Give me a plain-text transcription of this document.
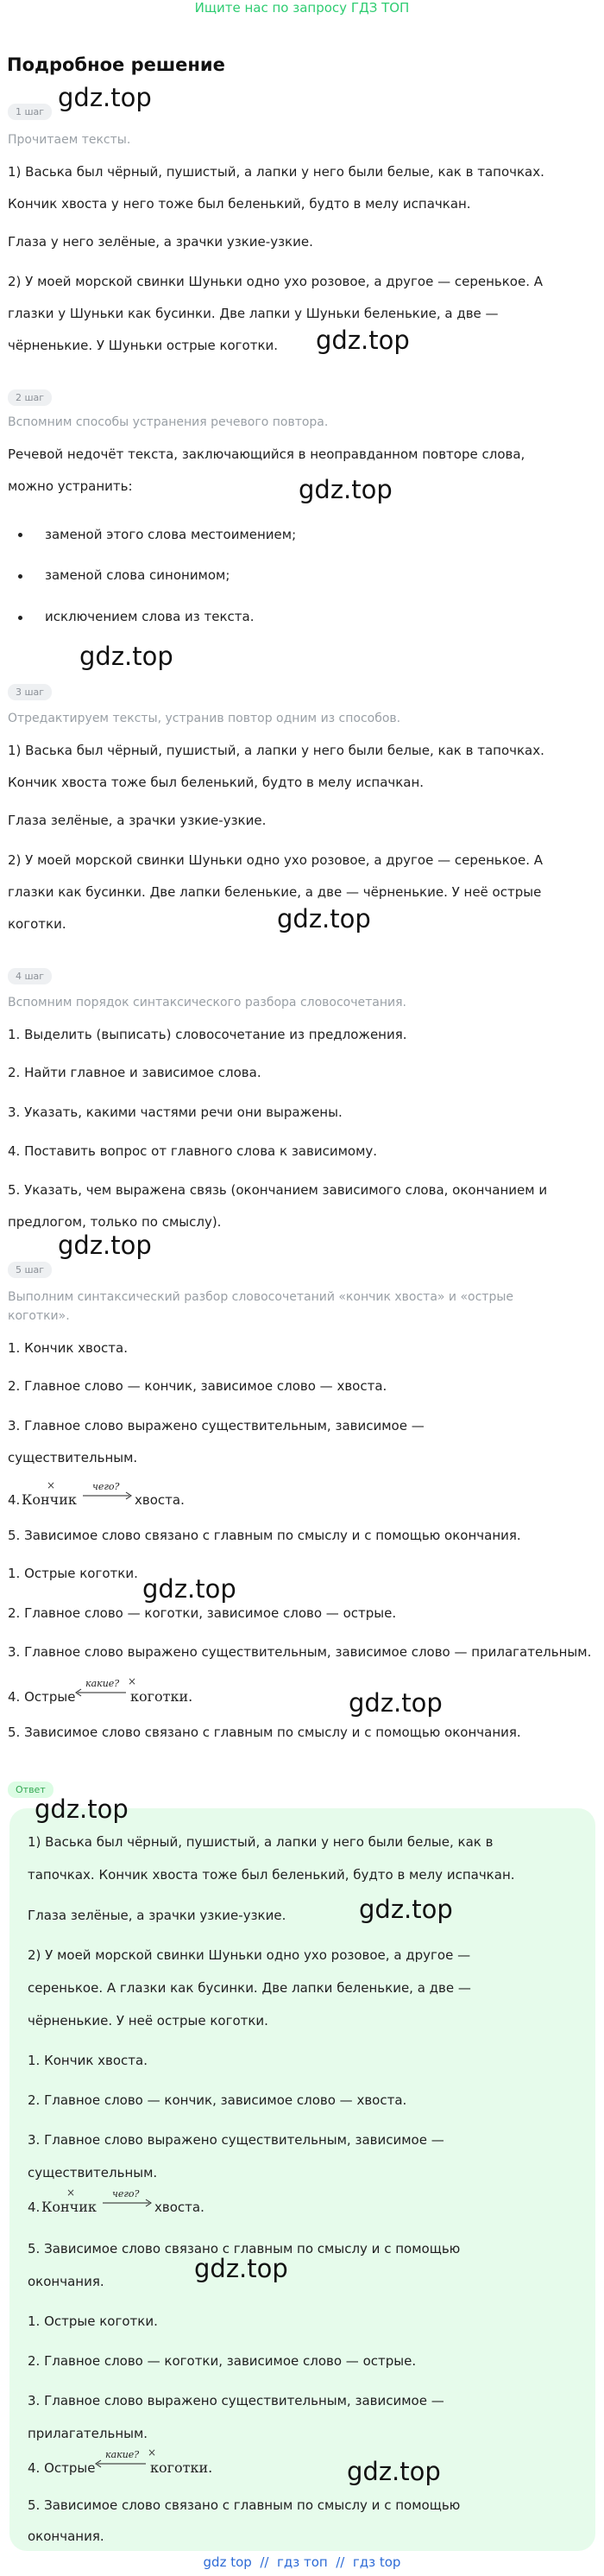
Ищите нас по запросу ГДЗ ТОП
Подробное решение
1 шаг gdz.top
Прочитаем тексты.
1) Васька был чёрный, пушистый, а лапки у него были белые, как в тапочках.
Кончик хвоста у него тоже был беленький, будто в мелу испачкан.
Глаза у него зелёные, а зрачки узкие-узкие.
2) У моей морской свинки Шуньки одно ухо розовое, а другое — серенькое. А
глазки у Шуньки как бусинки. Две лапки у Шуньки беленькие, а две —
чёрненькие. У Шуньки острые коготки.	gdz.top
2 шаг
Вспомним способы устранения речевого повтора.
Речевой недочёт текста, заключающийся в неоправданном повторе слова,
можно устранить:	gdz.top
заменой этого слова местоимением;
заменой слова синонимом;
исключением слова из текста.
gdz.top
3 шаг
Отредактируем тексты, устранив повтор одним из способов.
1) Васька был чёрный, пушистый, а лапки у него были белые, как в тапочках.
Кончик хвоста тоже был беленький, будто в мелу испачкан.
Глаза зелёные, а зрачки узкие-узкие.
2) У моей морской свинки Шуньки одно ухо розовое, а другое — серенькое. А
глазки как бусинки. Две лапки беленькие, а две — чёрненькие. У неё острые
коготки.	gdz.top
4 шаг
Вспомним порядок синтаксического разбора словосочетания.
1. Выделить (выписать) словосочетание из предложения.
2. Найти главное и зависимое слова.
3. Указать, какими частями речи они выражены.
4. Поставить вопрос от главного слова к зависимому.
5. Указать, чем выражена связь (окончанием зависимого слова, окончанием и
предлогом, только по смыслу).
gdz.top
5 шаг
Выполним синтаксический разбор словосочетаний «кончик хвоста» и «острые
коготки».
1. Кончик хвоста.
2. Главное слово — кончик, зависимое слово — хвоста.
3. Главное слово выражено существительным, зависимое —
существительным.
4. Кончик
×	чего?
хвоста.
5. Зависимое слово связано с главным по смыслу и с помощью окончания.
1. Острые коготки.
gdz.top
2. Главное слово — коготки, зависимое слово — острые.
3. Главное слово выражено существительным, зависимое слово — прилагательным.
4. Острые
какие? ×
коготки.	gdz.top
5. Зависимое слово связано с главным по смыслу и с помощью окончания.
Ответ
gdz.top
1) Васька был чёрный, пушистый, а лапки у него были белые, как в
тапочках. Кончик хвоста тоже был беленький, будто в мелу испачкан.
Глаза зелёные, а зрачки узкие-узкие.	gdz.top
2) У моей морской свинки Шуньки одно ухо розовое, а другое —
серенькое. А глазки как бусинки. Две лапки беленькие, а две —
чёрненькие. У неё острые коготки.
1. Кончик хвоста.
2. Главное слово — кончик, зависимое слово — хвоста.
3. Главное слово выражено существительным, зависимое —
существительным.
4. Кончик
×	чего?
хвоста.
5. Зависимое слово связано с главным по смыслу и с помощью
окончания.	gdz.top
1. Острые коготки.
2. Главное слово — коготки, зависимое слово — острые.
3. Главное слово выражено существительным, зависимое —
прилагательным.
4. Острые
какие? ×
коготки.	gdz.top
5. Зависимое слово связано с главным по смыслу и с помощью
окончания.
gdz top  //  гдз топ  //  гдз top
